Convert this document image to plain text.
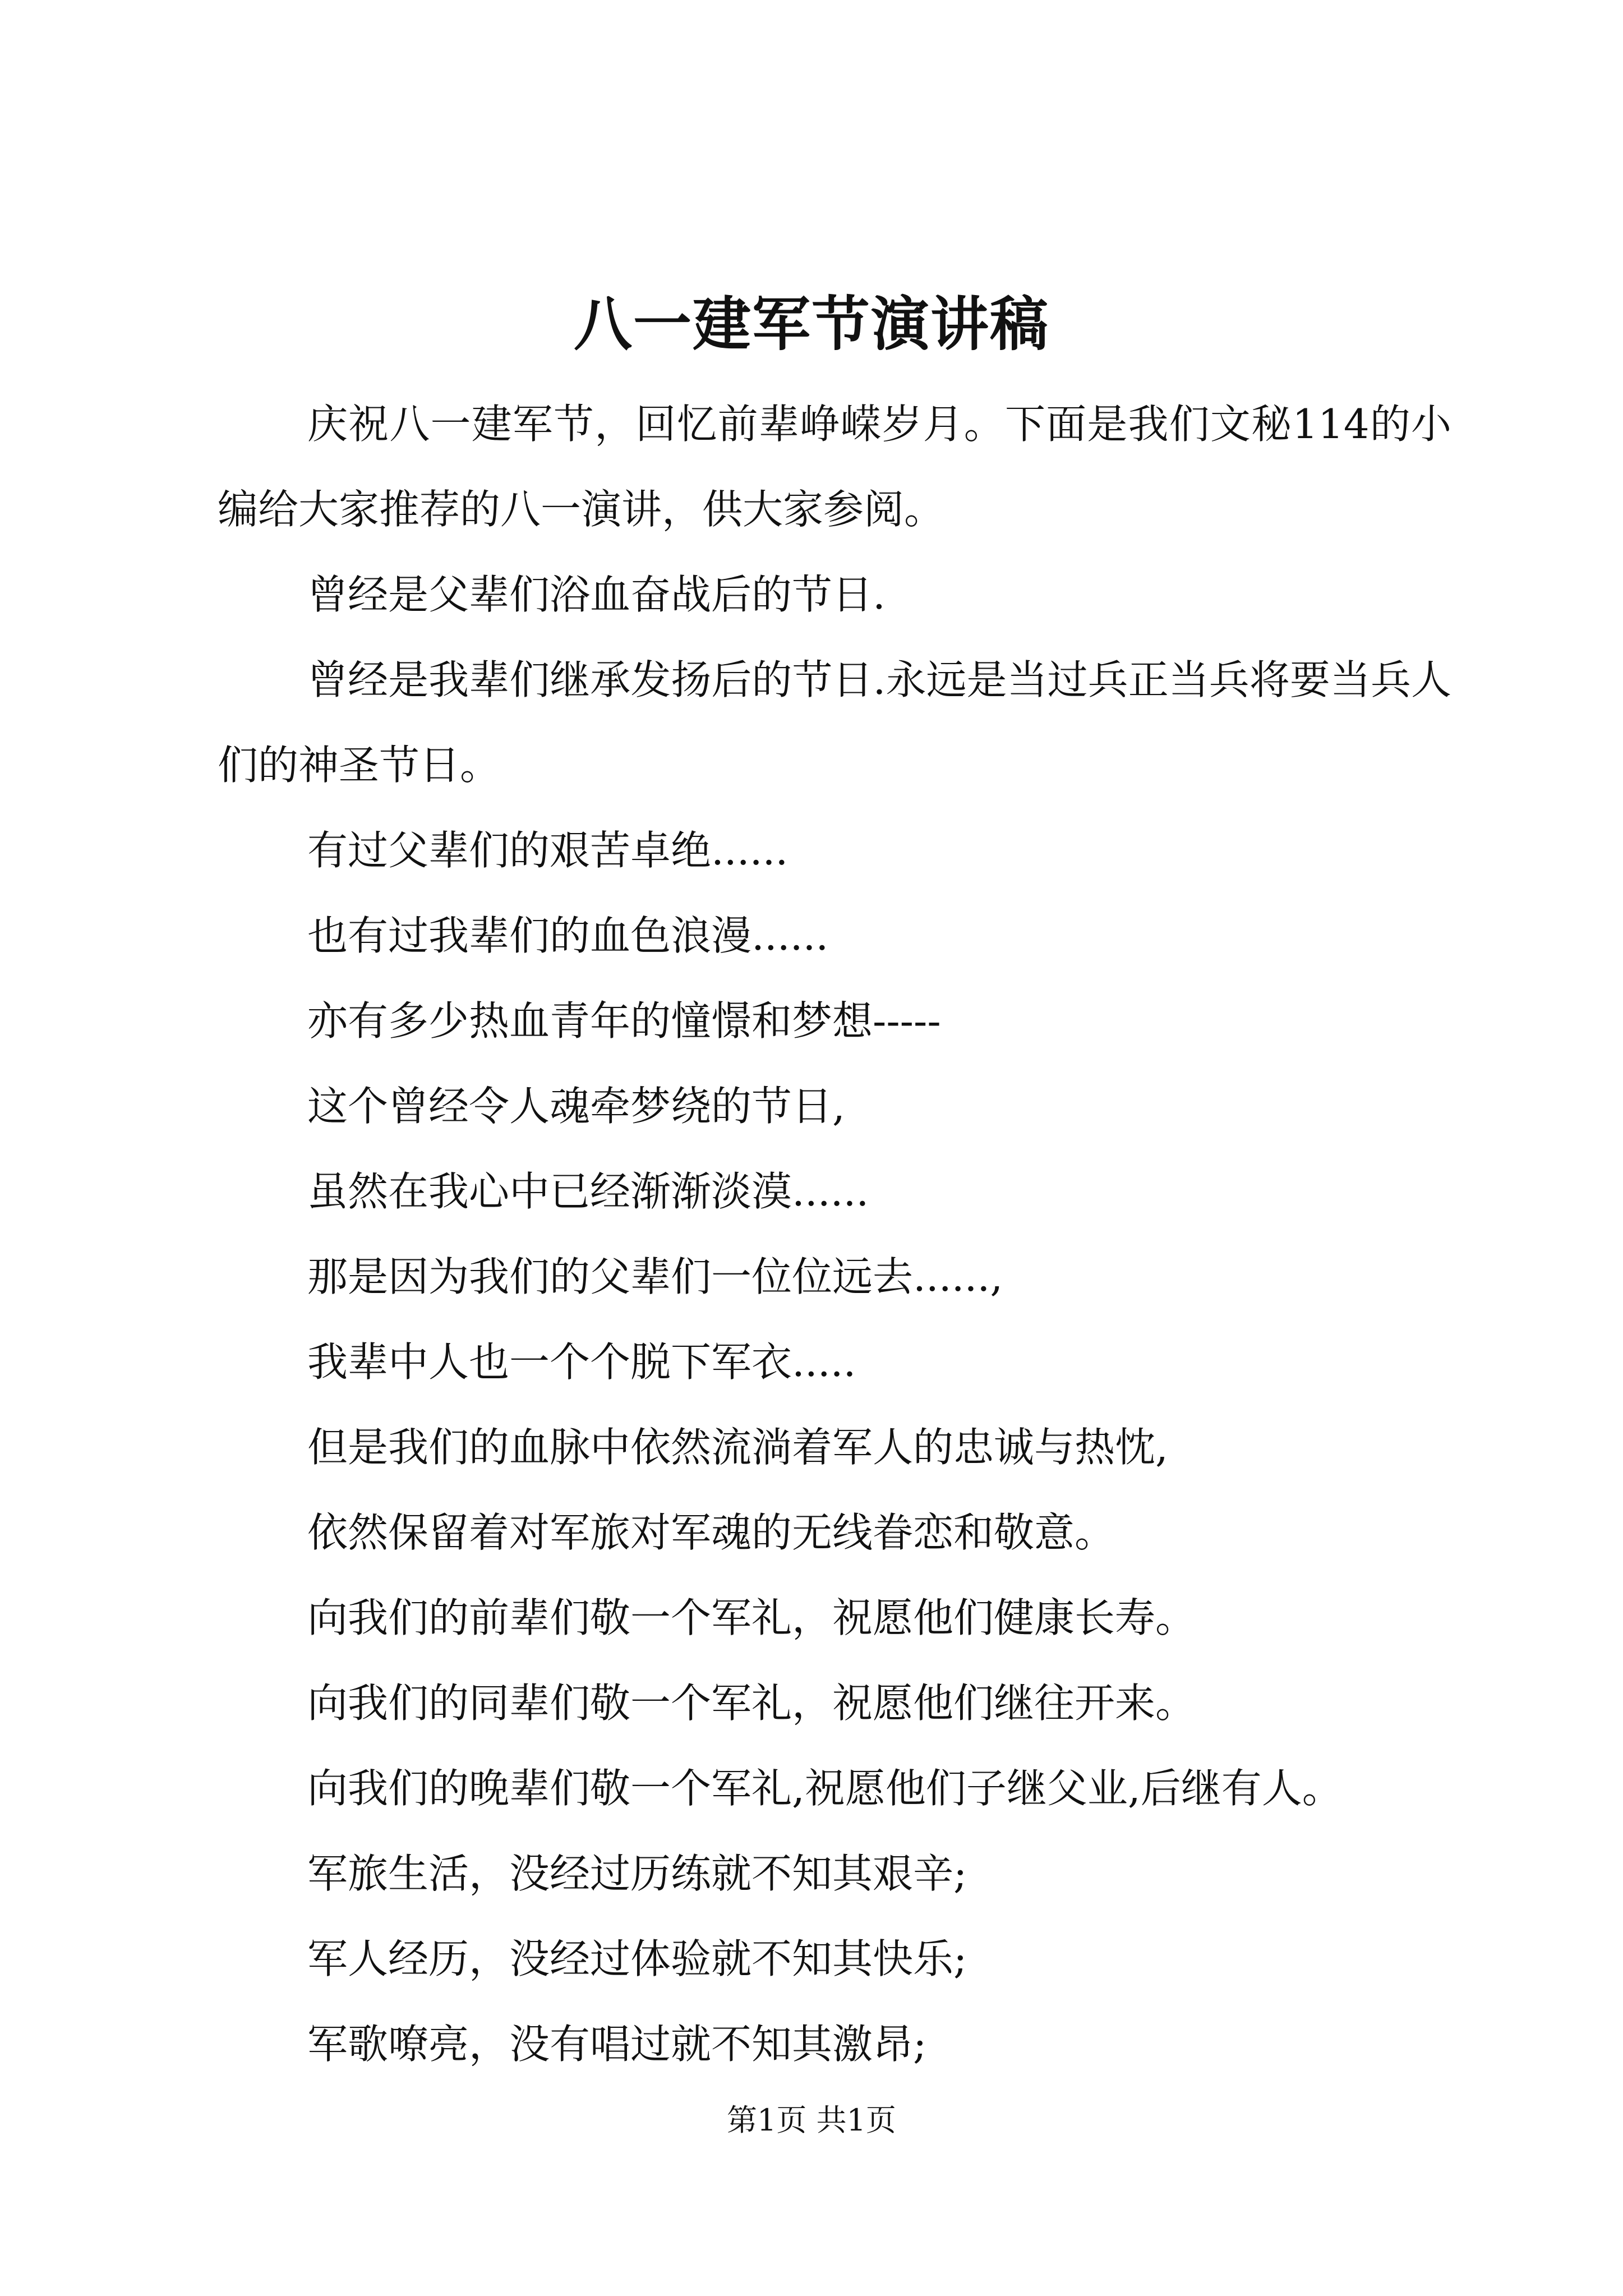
八一建军节演讲稿

庆祝八一建军节，回忆前辈峥嵘岁月。下面是我们文秘114的小编给大家推荐的八一演讲，供大家参阅。

曾经是父辈们浴血奋战后的节日.

曾经是我辈们继承发扬后的节日.永远是当过兵正当兵将要当兵人们的神圣节日。

有过父辈们的艰苦卓绝......

也有过我辈们的血色浪漫......

亦有多少热血青年的憧憬和梦想-----

这个曾经令人魂牵梦绕的节日,

虽然在我心中已经渐渐淡漠......

那是因为我们的父辈们一位位远去......,

我辈中人也一个个脱下军衣.....

但是我们的血脉中依然流淌着军人的忠诚与热忱,

依然保留着对军旅对军魂的无线眷恋和敬意。

向我们的前辈们敬一个军礼，祝愿他们健康长寿。

向我们的同辈们敬一个军礼，祝愿他们继往开来。

向我们的晚辈们敬一个军礼,祝愿他们子继父业,后继有人。

军旅生活，没经过历练就不知其艰辛;

军人经历，没经过体验就不知其快乐;

军歌嘹亮，没有唱过就不知其激昂;

第1页 共1页
